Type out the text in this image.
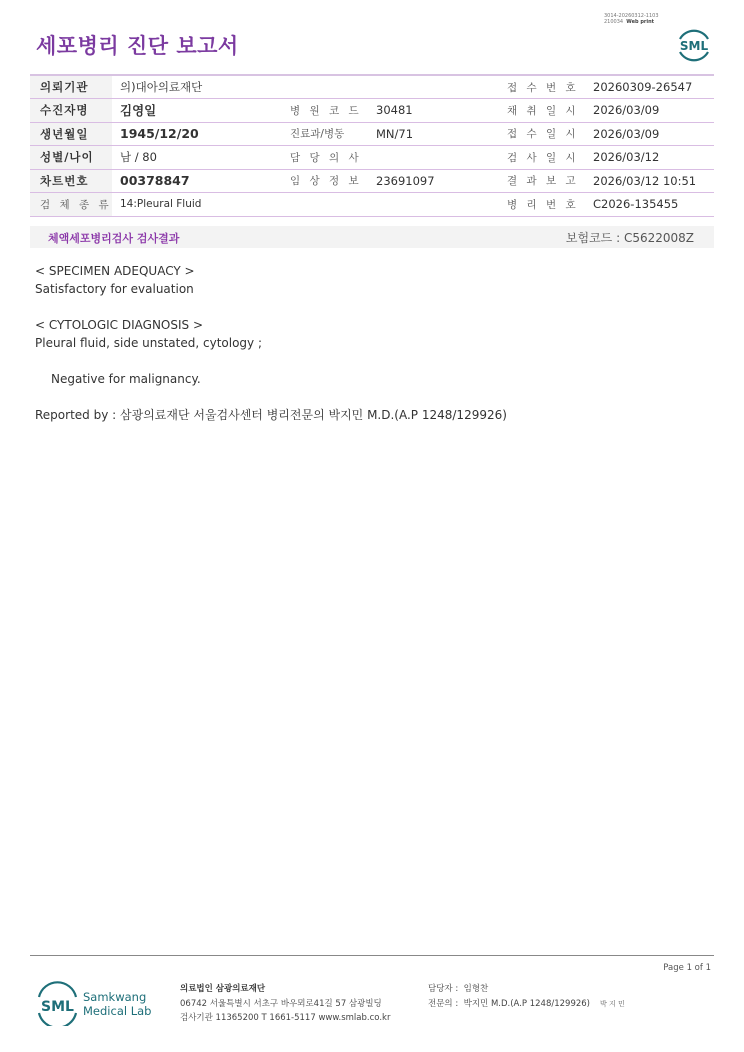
3014-20260312-1103
210034 Web print
세포병리 진단 보고서	SML
의뢰기관	의)대아의료재단			접 수 번 호	20260309-26547
수진자명	김영일	병 원 코 드	30481	채 취 일 시	2026/03/09
생년월일	1945/12/20	진료과/병동	MN/71	접 수 일 시	2026/03/09
성별/나이	남 / 80	담 당 의 사		검 사 일 시	2026/03/12
차트번호	00378847	임 상 정 보	23691097	결 과 보 고	2026/03/12 10:51
검 체 종 류	14:Pleural Fluid			병 리 번 호	C2026-135455
체액세포병리검사 검사결과	보험코드 : C5622008Z

< SPECIMEN ADEQUACY >

Satisfactory for evaluation

< CYTOLOGIC DIAGNOSIS >

Pleural fluid, side unstated, cytology ;

Negative for malignancy.

Reported by : 삼광의료재단 서울검사센터 병리전문의 박지민 M.D.(A.P 1248/129926)

Page 1 of 1
SML
Samkwang
Medical Lab
의료법인 삼광의료재단
06742 서울특별시 서초구 바우뫼로41길 57 삼광빌딩
검사기관 11365200 T 1661-5117 www.smlab.co.kr
담당자 : 임형찬
전문의 : 박지민 M.D.(A.P 1248/129926) 박 지 민
